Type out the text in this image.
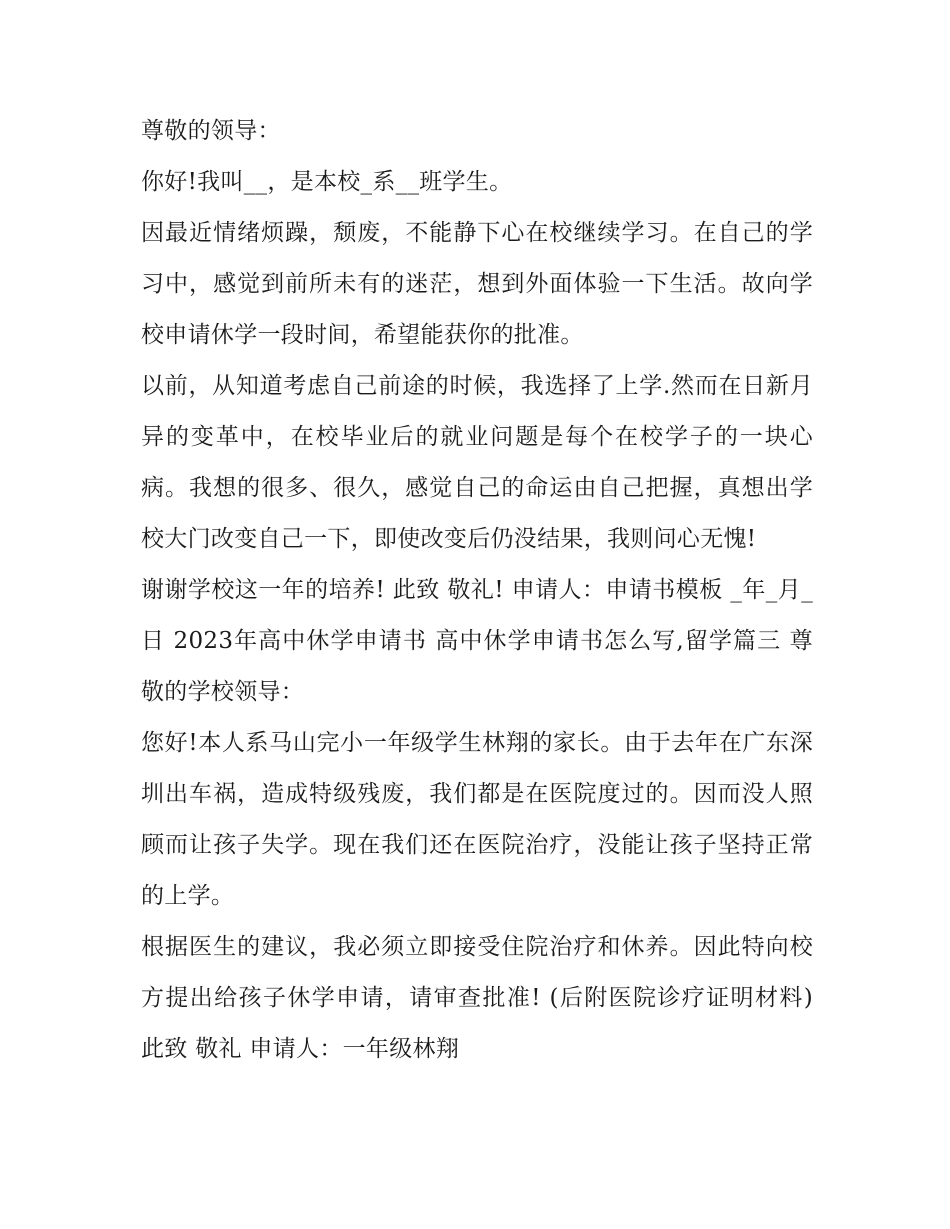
尊敬的领导：

你好!我叫__，是本校_系__班学生。

因最近情绪烦躁，颓废，不能静下心在校继续学习。在自己的学习中，感觉到前所未有的迷茫，想到外面体验一下生活。故向学校申请休学一段时间，希望能获你的批准。

以前，从知道考虑自己前途的时候，我选择了上学.然而在日新月异的变革中，在校毕业后的就业问题是每个在校学子的一块心病。我想的很多、很久，感觉自己的命运由自己把握，真想出学校大门改变自己一下，即使改变后仍没结果，我则问心无愧!

谢谢学校这一年的培养! 此致 敬礼! 申请人：申请书模板 _年_月_日 2023年高中休学申请书 高中休学申请书怎么写,留学篇三 尊敬的学校领导：

您好!本人系马山完小一年级学生林翔的家长。由于去年在广东深圳出车祸，造成特级残废，我们都是在医院度过的。因而没人照顾而让孩子失学。现在我们还在医院治疗，没能让孩子坚持正常的上学。

根据医生的建议，我必须立即接受住院治疗和休养。因此特向校方提出给孩子休学申请，请审查批准! (后附医院诊疗证明材料) 此致 敬礼 申请人：一年级林翔
